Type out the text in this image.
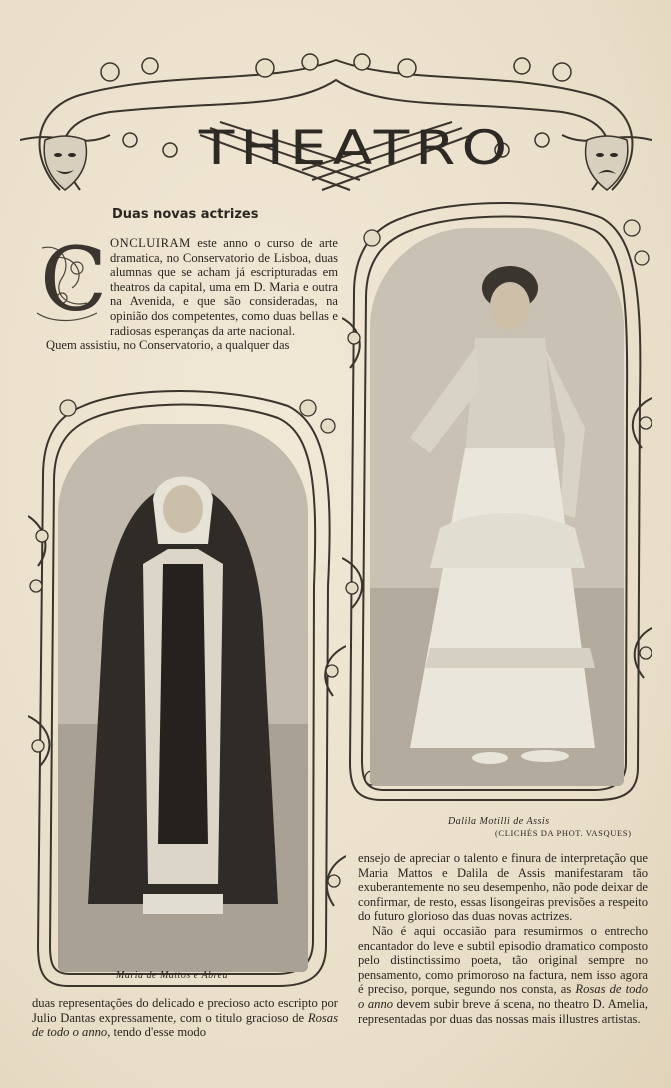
THEATRO
Duas novas actrizes
C ONCLUIRAM este anno o curso de arte dramatica, no Conservatorio de Lisboa, duas alumnas que se acham já escripturadas em theatros da capital, uma em D. Maria e outra na Avenida, e que são consideradas, na opinião dos competentes, como duas bellas e radiosas esperanças da arte nacional.
Quem assistiu, no Conservatorio, a qualquer das
Maria de Mattos e Abreu
Dalila Motilli de Assis
(CLICHÉS DA PHOT. VASQUES)

ensejo de apreciar o talento e finura de interpretação que Maria Mattos e Dalila de Assis manifestaram tão exuberantemente no seu desempenho, não pode deixar de confirmar, de resto, essas lisongeiras previsões a respeito do futuro glorioso das duas novas actrizes.

Não é aqui occasião para resumirmos o entrecho encantador do leve e subtil episodio dramatico composto pelo distinctissimo poeta, tão original sempre no pensamento, como primoroso na factura, nem isso agora é preciso, porque, segundo nos consta, as Rosas de todo o anno devem subir breve á scena, no theatro D. Amelia, representadas por duas das nossas mais illustres artistas.

duas representações do delicado e precioso acto escripto por Julio Dantas expressamente, com o titulo gracioso de Rosas de todo o anno, tendo d'esse modo
